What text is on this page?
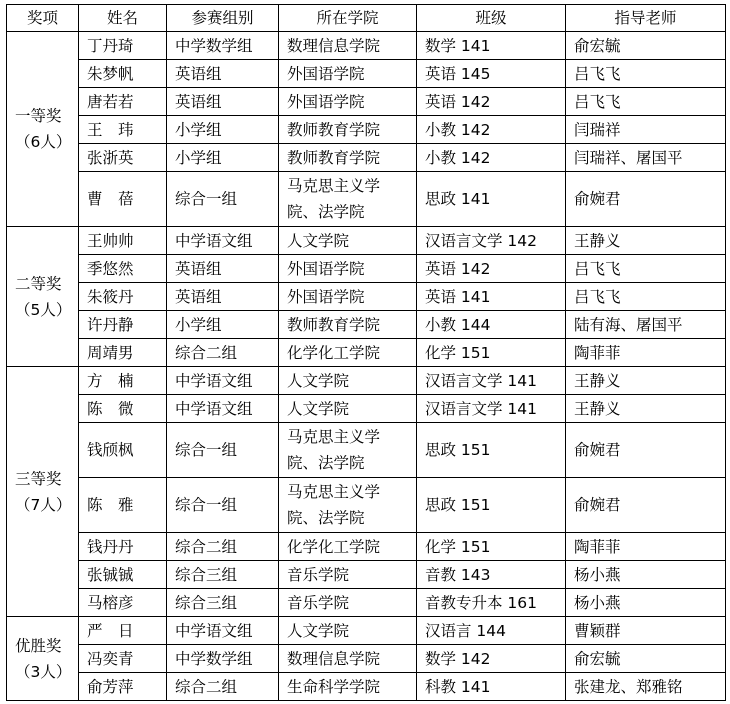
奖项	姓名	参赛组别	所在学院	班级	指导老师
一等奖（6人）	丁丹琦	中学数学组	数理信息学院	数学 141	俞宏毓
	朱梦帆	英语组	外国语学院	英语 145	吕飞飞
	唐若若	英语组	外国语学院	英语 142	吕飞飞
	王　玮	小学组	教师教育学院	小教 142	闫瑞祥
	张浙英	小学组	教师教育学院	小教 142	闫瑞祥、屠国平
	曹　蓓	综合一组	马克思主义学院、法学院	思政 141	俞婉君
二等奖（5人）	王帅帅	中学语文组	人文学院	汉语言文学 142	王静义
	季悠然	英语组	外国语学院	英语 142	吕飞飞
	朱筱丹	英语组	外国语学院	英语 141	吕飞飞
	许丹静	小学组	教师教育学院	小教 144	陆有海、屠国平
	周靖男	综合二组	化学化工学院	化学 151	陶菲菲
三等奖（7人）	方　楠	中学语文组	人文学院	汉语言文学 141	王静义
	陈　微	中学语文组	人文学院	汉语言文学 141	王静义
	钱颀枫	综合一组	马克思主义学院、法学院	思政 151	俞婉君
	陈　雅	综合一组	马克思主义学院、法学院	思政 151	俞婉君
	钱丹丹	综合二组	化学化工学院	化学 151	陶菲菲
	张铖铖	综合三组	音乐学院	音教 143	杨小燕
	马榕彦	综合三组	音乐学院	音教专升本 161	杨小燕
优胜奖（3人）	严　日	中学语文组	人文学院	汉语言 144	曹颖群
	冯奕青	中学数学组	数理信息学院	数学 142	俞宏毓
	俞芳萍	综合二组	生命科学学院	科教 141	张建龙、郑雅铭
